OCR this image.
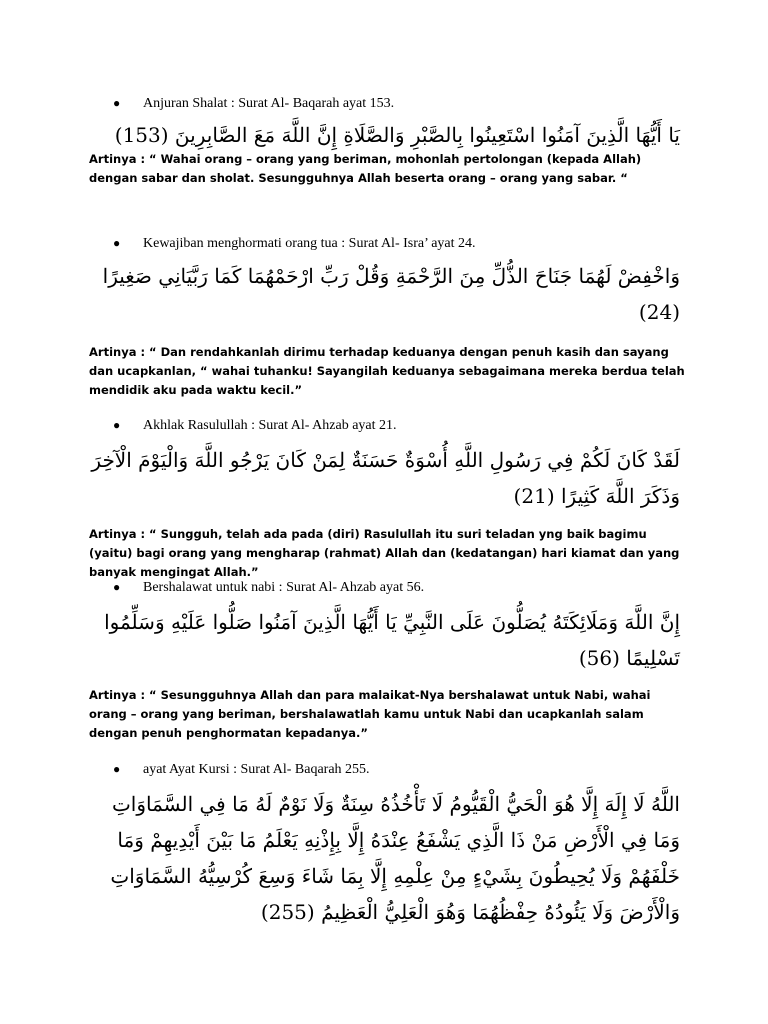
● Anjuran Shalat : Surat Al- Baqarah ayat 153.
يَا أَيُّهَا الَّذِينَ آمَنُوا اسْتَعِينُوا بِالصَّبْرِ وَالصَّلَاةِ إِنَّ اللَّهَ مَعَ الصَّابِرِينَ (153)
Artinya : “ Wahai orang – orang yang beriman, mohonlah pertolongan (kepada Allah) dengan sabar dan sholat. Sesungguhnya Allah beserta orang – orang yang sabar. “
● Kewajiban menghormati orang tua : Surat Al- Isra’ ayat 24.
وَاخْفِضْ لَهُمَا جَنَاحَ الذُّلِّ مِنَ الرَّحْمَةِ وَقُلْ رَبِّ ارْحَمْهُمَا كَمَا رَبَّيَانِي صَغِيرًا (24)
Artinya : “ Dan rendahkanlah dirimu terhadap keduanya dengan penuh kasih dan sayang dan ucapkanlan, “ wahai tuhanku! Sayangilah keduanya sebagaimana mereka berdua telah mendidik aku pada waktu kecil.”
● Akhlak Rasulullah : Surat Al- Ahzab ayat 21.
لَقَدْ كَانَ لَكُمْ فِي رَسُولِ اللَّهِ أُسْوَةٌ حَسَنَةٌ لِمَنْ كَانَ يَرْجُو اللَّهَ وَالْيَوْمَ الْآخِرَ وَذَكَرَ اللَّهَ كَثِيرًا (21)
Artinya : “ Sungguh, telah ada pada (diri) Rasulullah itu suri teladan yng baik bagimu (yaitu) bagi orang yang mengharap (rahmat) Allah dan (kedatangan) hari kiamat dan yang banyak mengingat Allah.”
● Bershalawat untuk nabi : Surat Al- Ahzab ayat 56.
إِنَّ اللَّهَ وَمَلَائِكَتَهُ يُصَلُّونَ عَلَى النَّبِيِّ يَا أَيُّهَا الَّذِينَ آمَنُوا صَلُّوا عَلَيْهِ وَسَلِّمُوا تَسْلِيمًا (56)
Artinya : “ Sesungguhnya Allah dan para malaikat-Nya bershalawat untuk Nabi, wahai orang – orang yang beriman, bershalawatlah kamu untuk Nabi dan ucapkanlah salam dengan penuh penghormatan kepadanya.”
● ayat Ayat Kursi : Surat Al- Baqarah 255.
اللَّهُ لَا إِلَهَ إِلَّا هُوَ الْحَيُّ الْقَيُّومُ لَا تَأْخُذُهُ سِنَةٌ وَلَا نَوْمٌ لَهُ مَا فِي السَّمَاوَاتِ وَمَا فِي الْأَرْضِ مَنْ ذَا الَّذِي يَشْفَعُ عِنْدَهُ إِلَّا بِإِذْنِهِ يَعْلَمُ مَا بَيْنَ أَيْدِيهِمْ وَمَا خَلْفَهُمْ وَلَا يُحِيطُونَ بِشَيْءٍ مِنْ عِلْمِهِ إِلَّا بِمَا شَاءَ وَسِعَ كُرْسِيُّهُ السَّمَاوَاتِ وَالْأَرْضَ وَلَا يَئُودُهُ حِفْظُهُمَا وَهُوَ الْعَلِيُّ الْعَظِيمُ (255)
